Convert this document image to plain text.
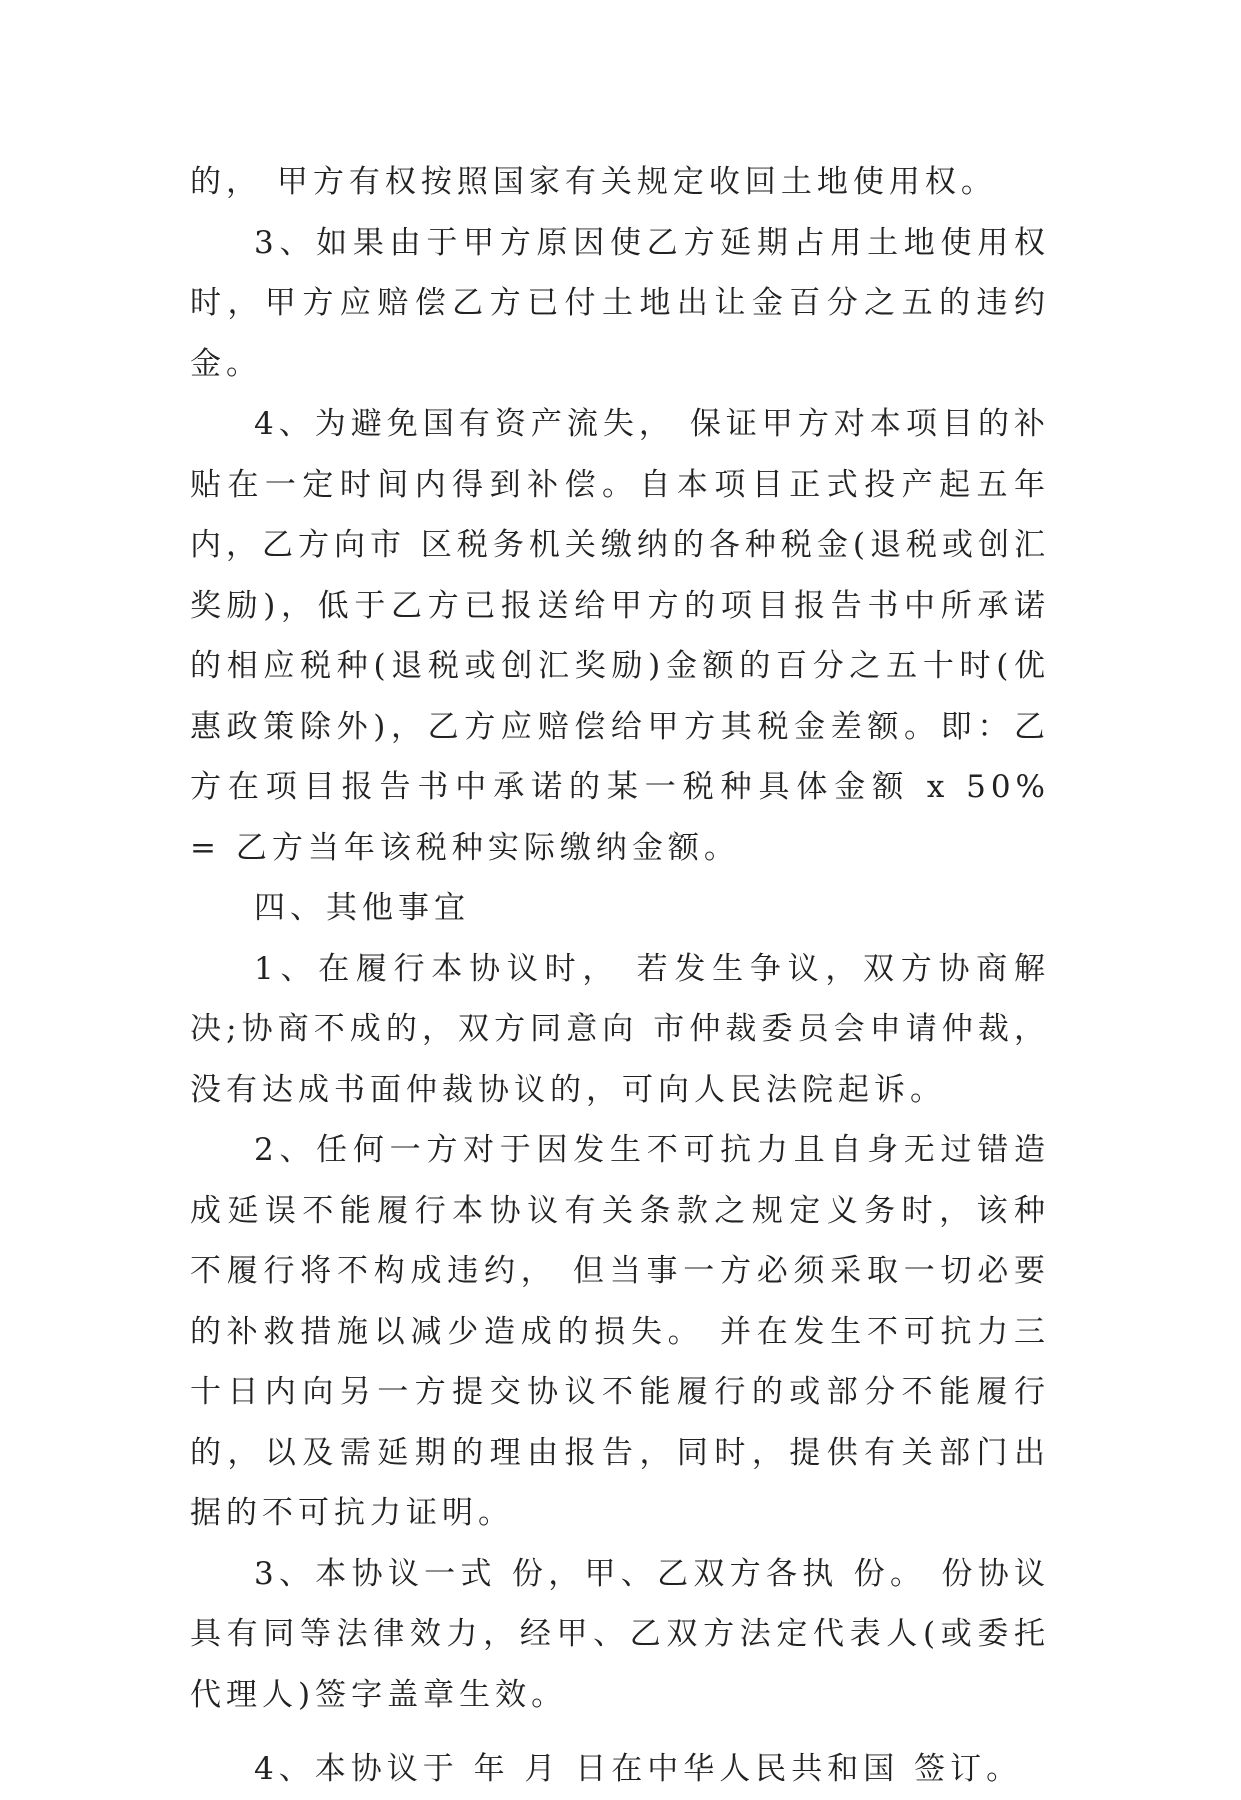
的， 甲方有权按照国家有关规定收回土地使用权。

3、如果由于甲方原因使乙方延期占用土地使用权时，甲方应赔偿乙方已付土地出让金百分之五的违约金。

4、为避免国有资产流失， 保证甲方对本项目的补贴在一定时间内得到补偿。自本项目正式投产起五年内，乙方向市 区税务机关缴纳的各种税金(退税或创汇奖励)，低于乙方已报送给甲方的项目报告书中所承诺的相应税种(退税或创汇奖励)金额的百分之五十时(优惠政策除外)，乙方应赔偿给甲方其税金差额。即：乙方在项目报告书中承诺的某一税种具体金额 x 50% = 乙方当年该税种实际缴纳金额。

四、其他事宜

1、在履行本协议时， 若发生争议，双方协商解决;协商不成的，双方同意向 市仲裁委员会申请仲裁，没有达成书面仲裁协议的，可向人民法院起诉。

2、任何一方对于因发生不可抗力且自身无过错造成延误不能履行本协议有关条款之规定义务时，该种不履行将不构成违约， 但当事一方必须采取一切必要的补救措施以减少造成的损失。 并在发生不可抗力三十日内向另一方提交协议不能履行的或部分不能履行的，以及需延期的理由报告，同时，提供有关部门出据的不可抗力证明。

3、本协议一式 份，甲、乙双方各执 份。 份协议具有同等法律效力，经甲、乙双方法定代表人(或委托代理人)签字盖章生效。

4、本协议于 年 月 日在中华人民共和国 签订。
